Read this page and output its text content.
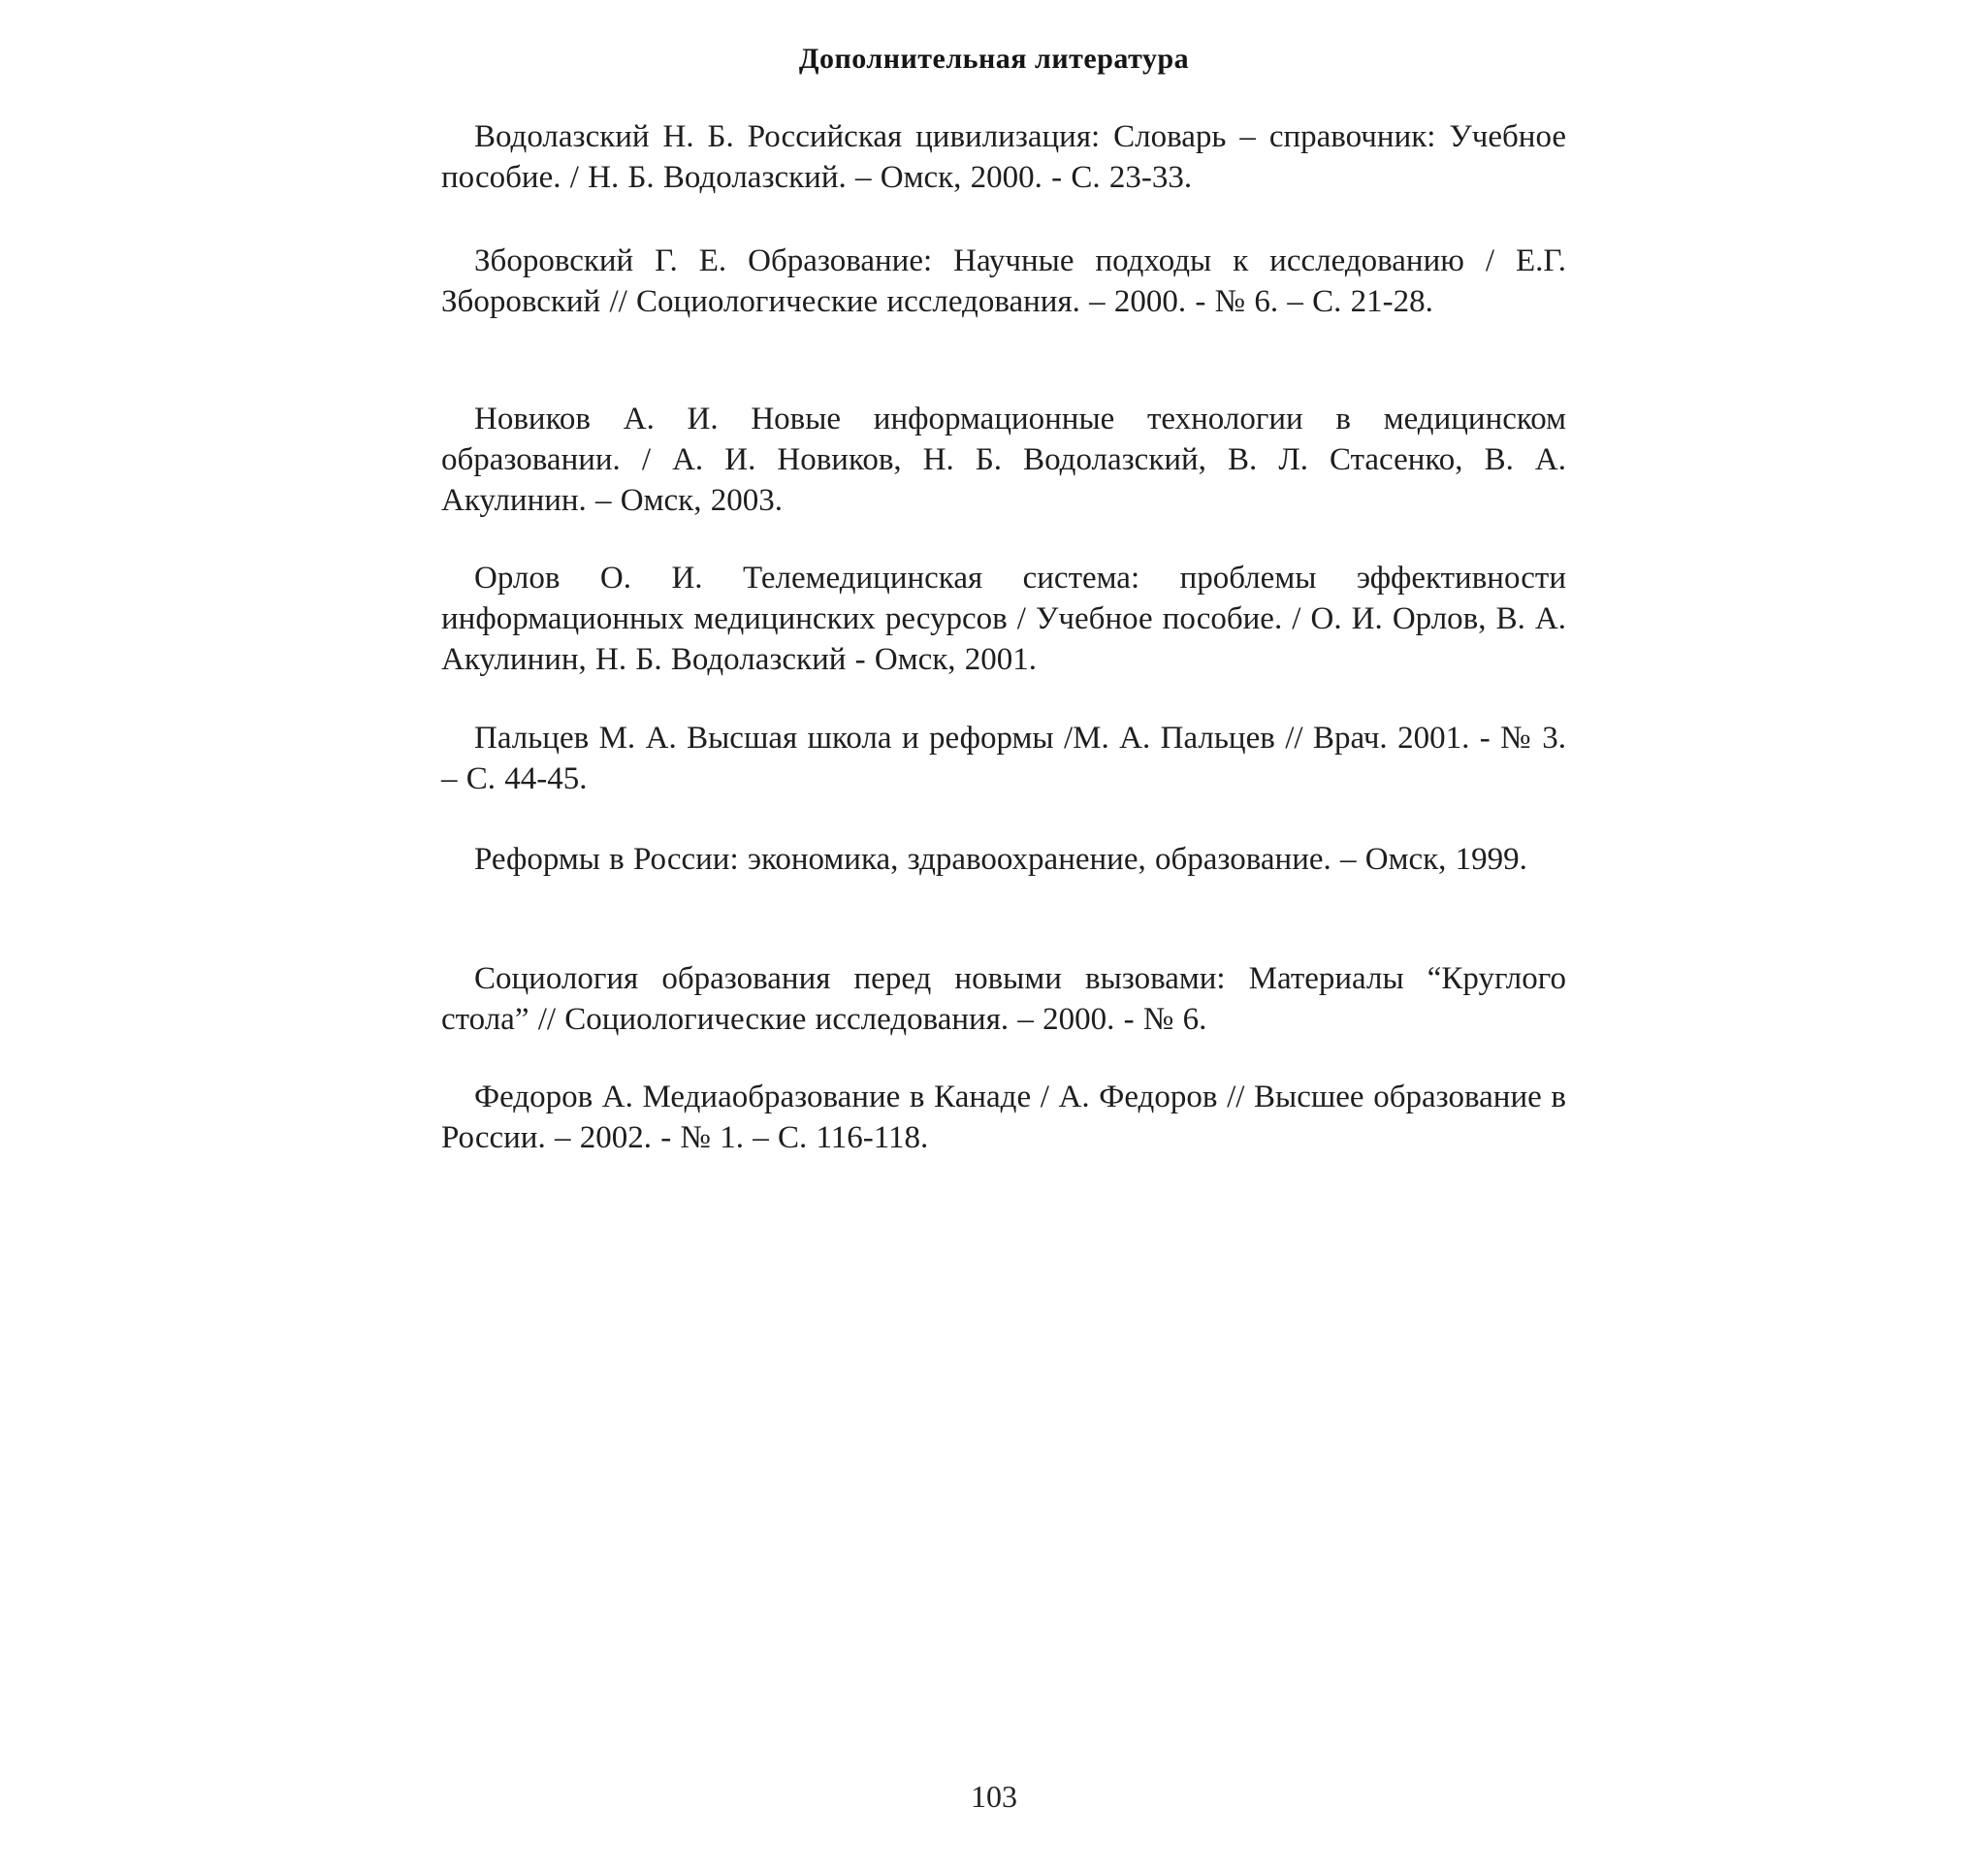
Дополнительная литература

Водолазский Н. Б. Российская цивилизация: Словарь – справочник: Учебное пособие. / Н. Б. Водолазский. – Омск, 2000. - С. 23-33.

Зборовский Г. Е. Образование: Научные подходы к исследованию / Е.Г. Зборовский // Социологические исследования. – 2000. - № 6. – С. 21-28.

Новиков А. И. Новые информационные технологии в медицинском образовании. / А. И. Новиков, Н. Б. Водолазский, В. Л. Стасенко, В. А. Акулинин. – Омск, 2003.

Орлов О. И. Телемедицинская система: проблемы эффективности информационных медицинских ресурсов / Учебное пособие. / О. И. Орлов, В. А. Акулинин, Н. Б. Водолазский - Омск, 2001.

Пальцев М. А. Высшая школа и реформы /М. А. Пальцев // Врач. 2001. - № 3. – С. 44-45.

Реформы в России: экономика, здравоохранение, образование. – Омск, 1999.

Социология образования перед новыми вызовами: Материалы “Круглого стола” // Социологические исследования. – 2000. - № 6.

Федоров А. Медиаобразование в Канаде / А. Федоров // Высшее образование в России. – 2002. - № 1. – С. 116-118.

103
